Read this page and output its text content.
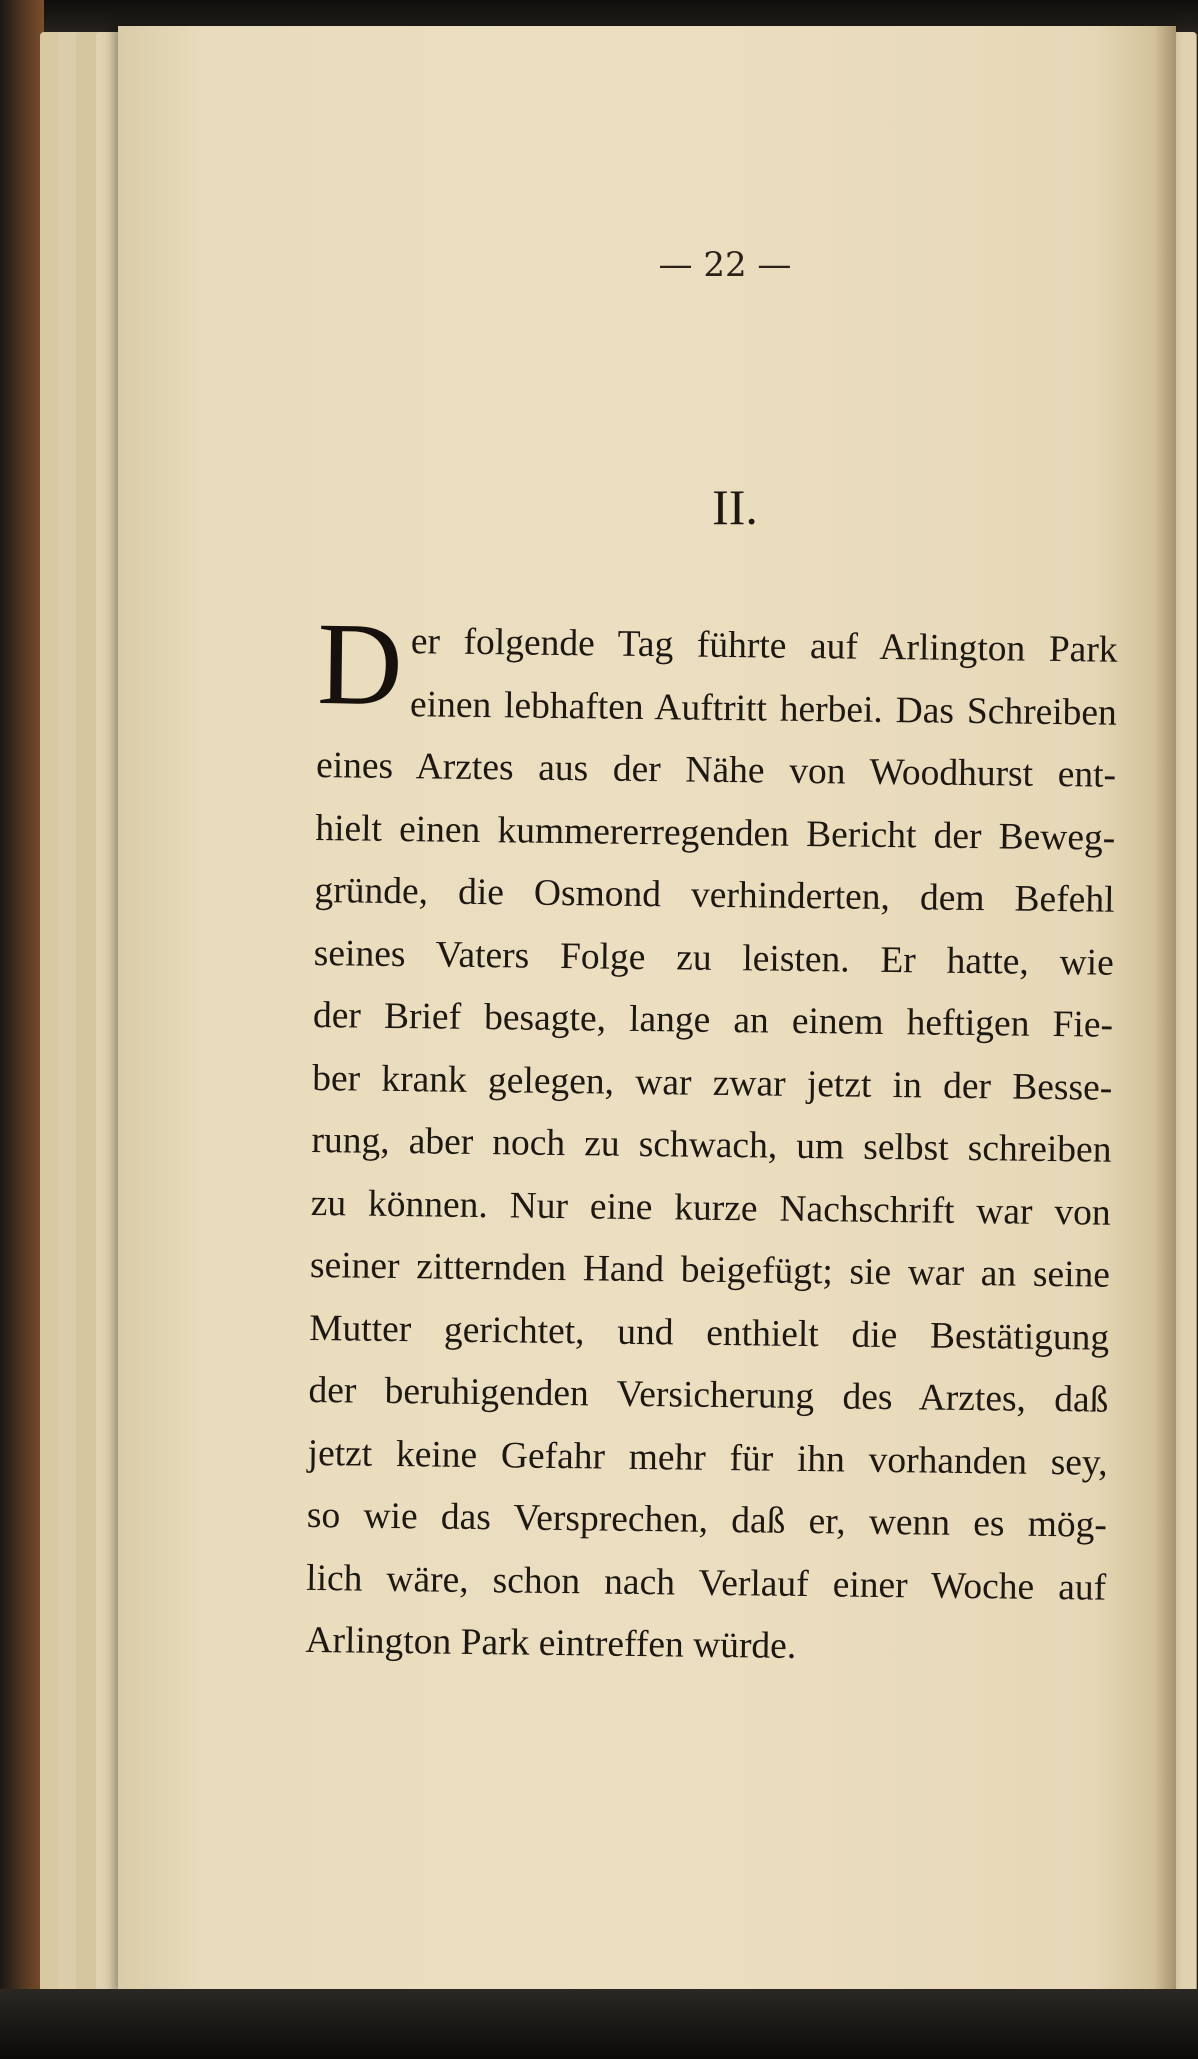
— 22 —
II.
D er folgende Tag führte auf Arlington Park
einen lebhaften Auftritt herbei. Das Schreiben
eines Arztes aus der Nähe von Woodhurst ent-
hielt einen kummererregenden Bericht der Beweg-
gründe, die Osmond verhinderten, dem Befehl
seines Vaters Folge zu leisten. Er hatte, wie
der Brief besagte, lange an einem heftigen Fie-
ber krank gelegen, war zwar jetzt in der Besse-
rung, aber noch zu schwach, um selbst schreiben
zu können. Nur eine kurze Nachschrift war von
seiner zitternden Hand beigefügt; sie war an seine
Mutter gerichtet, und enthielt die Bestätigung
der beruhigenden Versicherung des Arztes, daß
jetzt keine Gefahr mehr für ihn vorhanden sey,
so wie das Versprechen, daß er, wenn es mög-
lich wäre, schon nach Verlauf einer Woche auf
Arlington Park eintreffen würde.
